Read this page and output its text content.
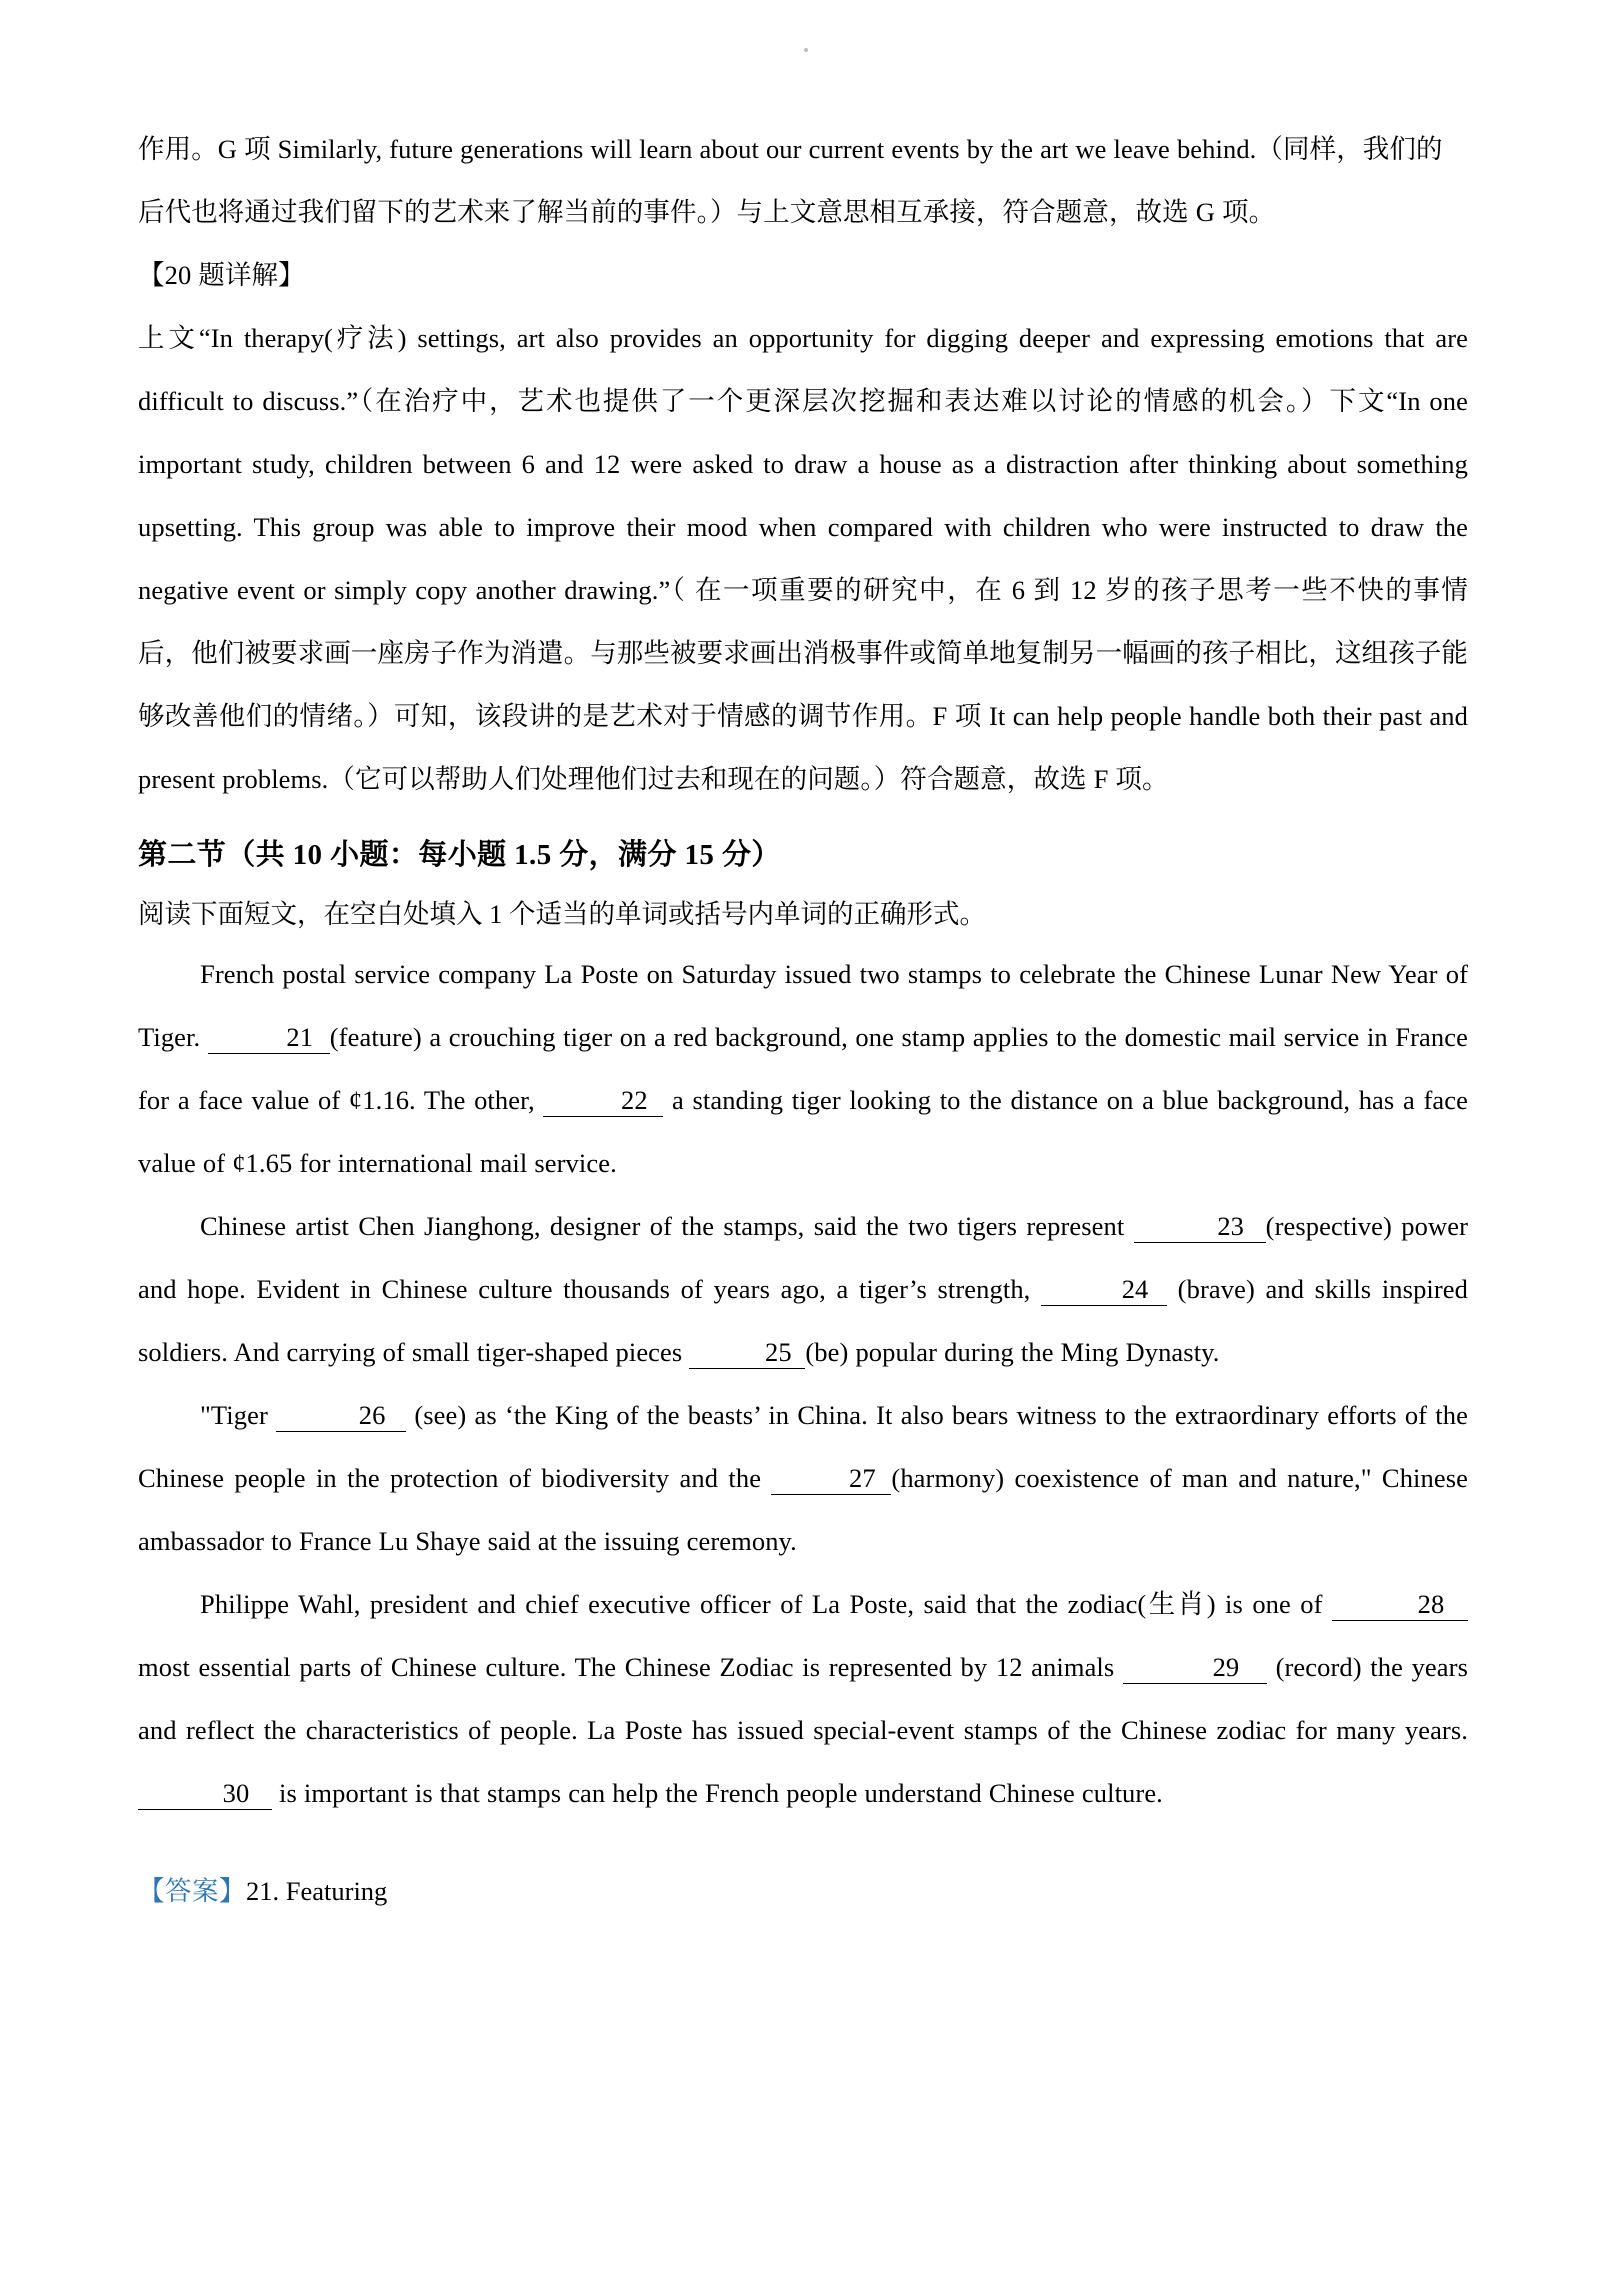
作用。G 项 Similarly, future generations will learn about our current events by the art we leave behind.（同样，我们的后代也将通过我们留下的艺术来了解当前的事件。）与上文意思相互承接，符合题意，故选 G 项。

【20 题详解】

上文“In therapy(疗法) settings, art also provides an opportunity for digging deeper and expressing emotions that are difficult to discuss.”（在治疗中，艺术也提供了一个更深层次挖掘和表达难以讨论的情感的机会。）下文“In one important study, children between 6 and 12 were asked to draw a house as a distraction after thinking about something upsetting. This group was able to improve their mood when compared with children who were instructed to draw the negative event or simply copy another drawing.”（ 在一项重要的研究中，在 6 到 12 岁的孩子思考一些不快的事情后，他们被要求画一座房子作为消遣。与那些被要求画出消极事件或简单地复制另一幅画的孩子相比，这组孩子能够改善他们的情绪。）可知，该段讲的是艺术对于情感的调节作用。F 项 It can help people handle both their past and present problems.（它可以帮助人们处理他们过去和现在的问题。）符合题意，故选 F 项。

第二节（共 10 小题：每小题 1.5 分，满分 15 分）

阅读下面短文，在空白处填入 1 个适当的单词或括号内单词的正确形式。

French postal service company La Poste on Saturday issued two stamps to celebrate the Chinese Lunar New Year of Tiger.	21 (feature) a crouching tiger on a red background, one stamp applies to the domestic mail service in France for a face value of ¢1.16. The other,	22 a standing tiger looking to the distance on a blue background, has a face value of ¢1.65 for international mail service.

Chinese artist Chen Jianghong, designer of the stamps, said the two tigers represent	23 (respective) power and hope. Evident in Chinese culture thousands of years ago, a tiger’s strength,	24 (brave) and skills inspired soldiers. And carrying of small tiger-shaped pieces	25 (be) popular during the Ming Dynasty.

"Tiger	26 (see) as ‘the King of the beasts’ in China. It also bears witness to the extraordinary efforts of the Chinese people in the protection of biodiversity and the	27 (harmony) coexistence of man and nature," Chinese ambassador to France Lu Shaye said at the issuing ceremony.

Philippe Wahl, president and chief executive officer of La Poste, said that the zodiac(生肖) is one of	28 most essential parts of Chinese culture. The Chinese Zodiac is represented by 12 animals	29 (record) the years and reflect the characteristics of people. La Poste has issued special-event stamps of the Chinese zodiac for many years. 30 is important is that stamps can help the French people understand Chinese culture.

【答案】21. Featuring
